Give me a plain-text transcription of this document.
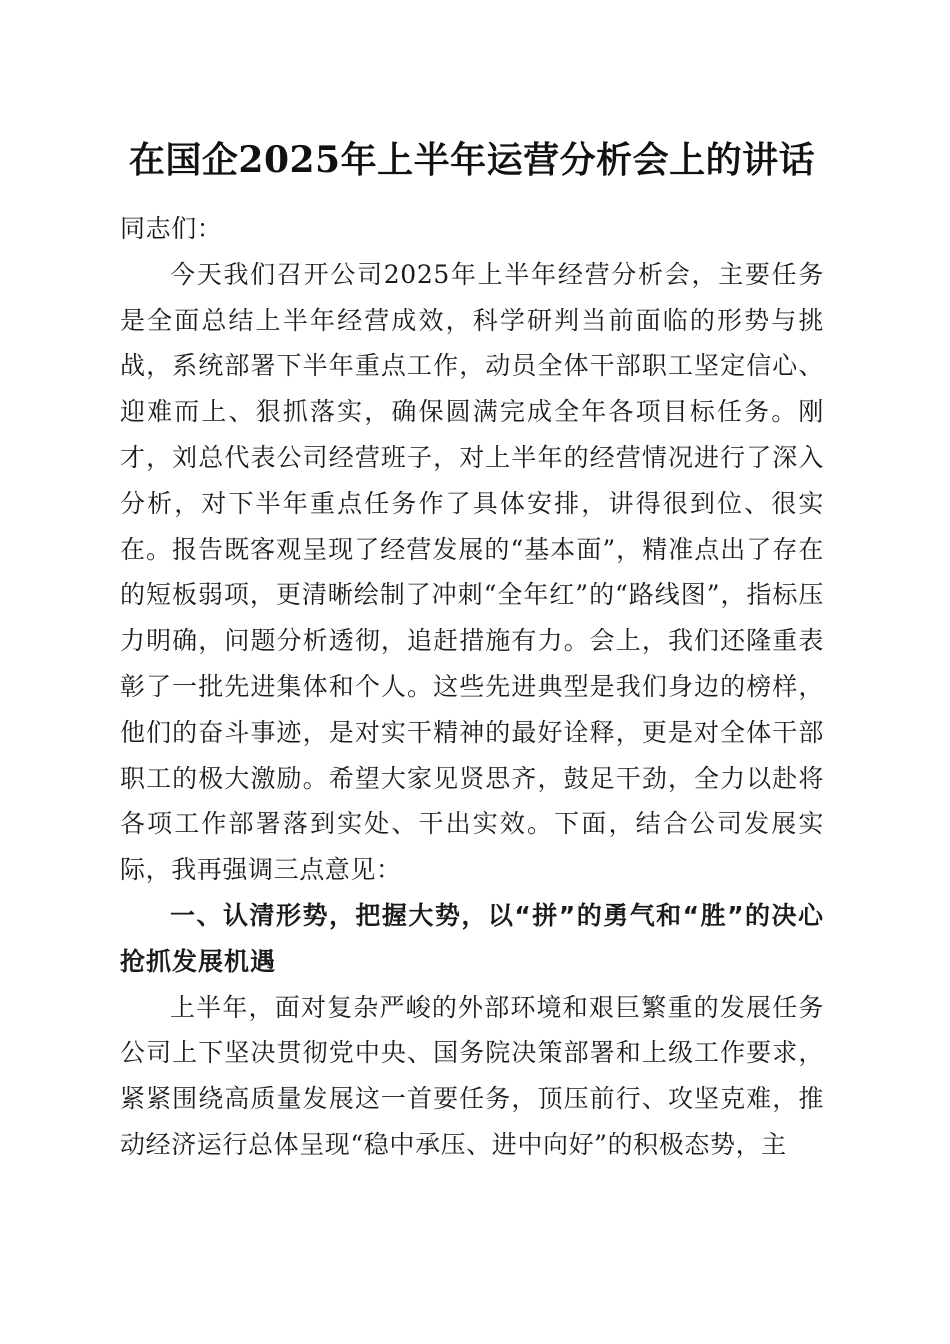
在国企2025年上半年运营分析会上的讲话

同志们：

今天我们召开公司2025年上半年经营分析会，主要任务是全面总结上半年经营成效，科学研判当前面临的形势与挑战，系统部署下半年重点工作，动员全体干部职工坚定信心、迎难而上、狠抓落实，确保圆满完成全年各项目标任务。刚才，刘总代表公司经营班子，对上半年的经营情况进行了深入分析，对下半年重点任务作了具体安排，讲得很到位、很实在。报告既客观呈现了经营发展的“基本面”，精准点出了存在的短板弱项，更清晰绘制了冲刺“全年红”的“路线图”，指标压力明确，问题分析透彻，追赶措施有力。会上，我们还隆重表彰了一批先进集体和个人。这些先进典型是我们身边的榜样，他们的奋斗事迹，是对实干精神的最好诠释，更是对全体干部职工的极大激励。希望大家见贤思齐，鼓足干劲，全力以赴将各项工作部署落到实处、干出实效。下面，结合公司发展实际，我再强调三点意见：

一、认清形势，把握大势，以“拼”的勇气和“胜”的决心抢抓发展机遇

上半年，面对复杂严峻的外部环境和艰巨繁重的发展任务公司上下坚决贯彻党中央、国务院决策部署和上级工作要求，紧紧围绕高质量发展这一首要任务，顶压前行、攻坚克难，推动经济运行总体呈现“稳中承压、进中向好”的积极态势，主
